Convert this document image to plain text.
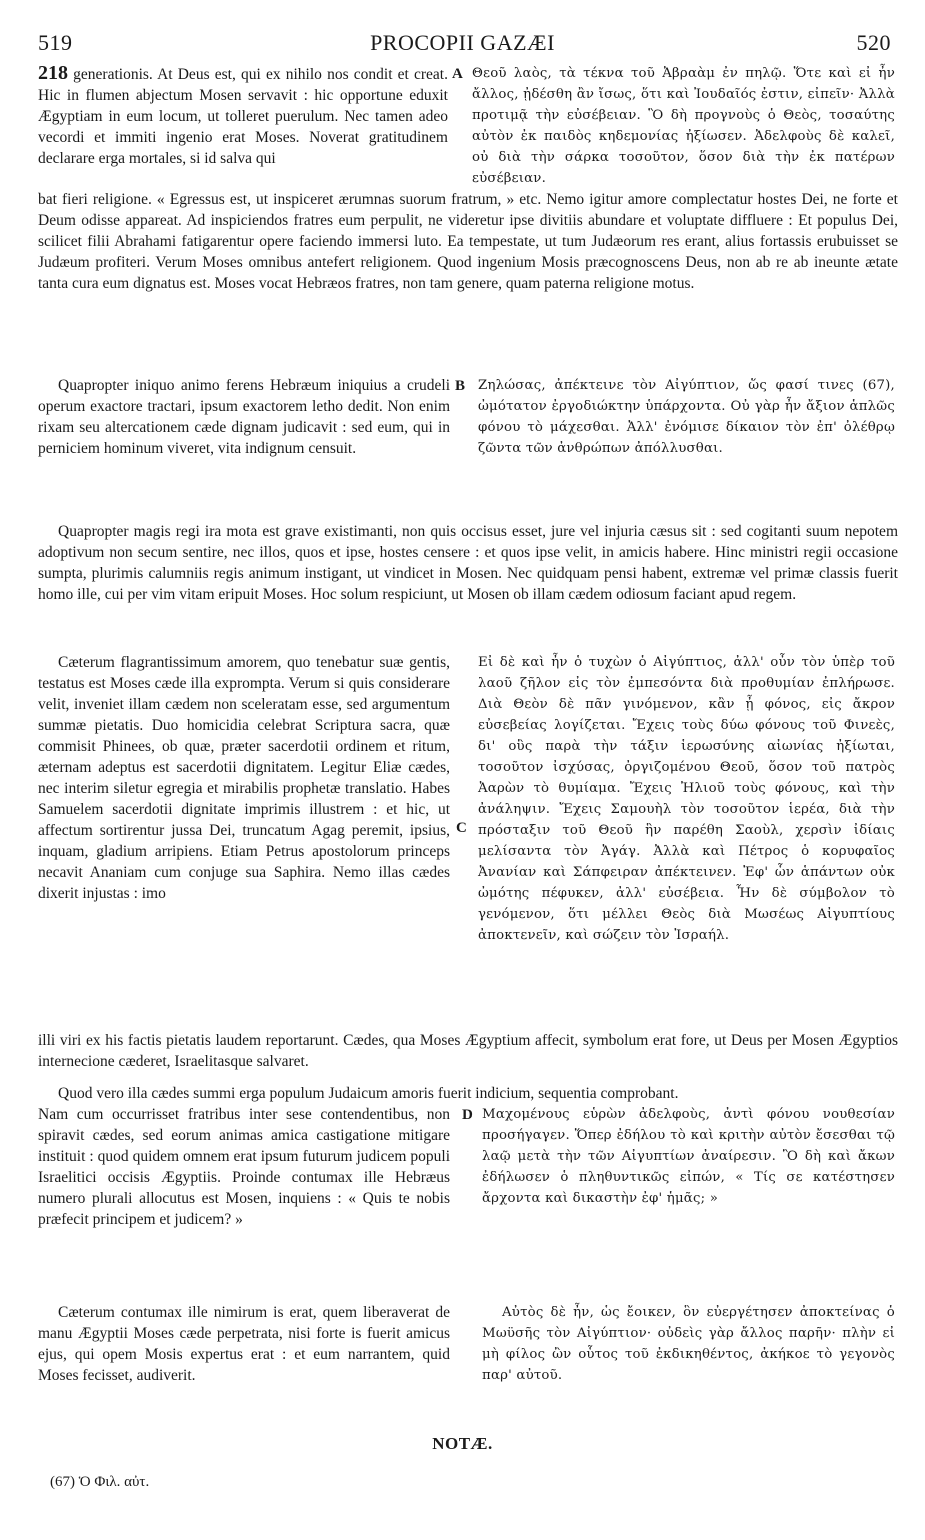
519	PROCOPII GAZÆI	520

218 generationis. At Deus est, qui ex nihilo nos condit et creat. Hic in flumen abjectum Mosen servavit : hic opportune eduxit Ægyptiam in eum locum, ut tolleret puerulum. Nec tamen adeo vecordi et immiti ingenio erat Moses. Noverat gratitudinem declarare erga mortales, si id salva qui

A Θεοῦ λαὸς, τὰ τέκνα τοῦ Ἀβραὰμ ἐν πηλῷ. Ὅτε καὶ εἰ ἦν ἄλλος, ᾐδέσθη ἂν ἴσως, ὅτι καὶ Ἰουδαῖός ἐστιν, εἰπεῖν· Ἀλλὰ προτιμᾷ τὴν εὐσέβειαν. Ὃ δὴ προγνοὺς ὁ Θεὸς, τοσαύτης αὐτὸν ἐκ παιδὸς κηδεμονίας ἠξίωσεν. Ἀδελφοὺς δὲ καλεῖ, οὐ διὰ τὴν σάρκα τοσοῦτον, ὅσον διὰ τὴν ἐκ πατέρων εὐσέβειαν.

Quapropter iniquo animo ferens Hebræum iniquius a crudeli operum exactore tractari, ipsum exactorem letho dedit. Non enim rixam seu altercationem cæde dignam judicavit : sed eum, qui in perniciem hominum viveret, vita indignum censuit.

B Ζηλώσας, ἀπέκτεινε τὸν Αἰγύπτιον, ὥς φασί τινες (67), ὠμότατον ἐργοδιώκτην ὑπάρχοντα. Οὐ γὰρ ἦν ἄξιον ἁπλῶς φόνου τὸ μάχεσθαι. Ἀλλ' ἐνόμισε δίκαιον τὸν ἐπ' ὀλέθρῳ ζῶντα τῶν ἀνθρώπων ἀπόλλυσθαι.

Quapropter magis regi ira mota est grave existimanti, non quis occisus esset, jure vel injuria cæsus sit : sed cogitanti suum nepotem adoptivum non secum sentire, nec illos, quos et ipse, hostes censere : et quos ipse velit, in amicis habere. Hinc ministri regii occasione sumpta, plurimis calumniis regis animum instigant, ut vindicet in Mosen. Nec quidquam pensi habent, extremæ vel primæ classis fuerit homo ille, cui per vim vitam eripuit Moses. Hoc solum respiciunt, ut Mosen ob illam cædem odiosum faciant apud regem.

Cæterum flagrantissimum amorem, quo tenebatur suæ gentis, testatus est Moses cæde illa exprompta. Verum si quis considerare velit, inveniet illam cædem non sceleratam esse, sed argumentum summæ pietatis. Duo homicidia celebrat Scriptura sacra, quæ commisit Phinees, ob quæ, præter sacerdotii ordinem et ritum, æternam adeptus est sacerdotii dignitatem. Legitur Eliæ cædes, nec interim siletur egregia et mirabilis prophetæ translatio. Habes Samuelem sacerdotii dignitate imprimis illustrem : et hic, ut affectum sortirentur jussa Dei, truncatum Agag peremit, ipsius, inquam, gladium arripiens. Etiam Petrus apostolorum princeps necavit Ananiam cum conjuge sua Saphira. Nemo illas cædes dixerit injustas : imo

C

Εἰ δὲ καὶ ἦν ὁ τυχὼν ὁ Αἰγύπτιος, ἀλλ' οὖν τὸν ὑπὲρ τοῦ λαοῦ ζῆλον εἰς τὸν ἐμπεσόντα διὰ προθυμίαν ἐπλήρωσε. Διὰ Θεὸν δὲ πᾶν γινόμενον, κἂν ᾖ φόνος, εἰς ἄκρον εὐσεβείας λογίζεται. Ἔχεις τοὺς δύω φόνους τοῦ Φινεὲς, δι' οὓς παρὰ τὴν τάξιν ἱερωσύνης αἰωνίας ἠξίωται, τοσοῦτον ἰσχύσας, ὀργιζομένου Θεοῦ, ὅσον τοῦ πατρὸς Ἀαρὼν τὸ θυμίαμα. Ἔχεις Ἠλιοῦ τοὺς φόνους, καὶ τὴν ἀνάληψιν. Ἔχεις Σαμουὴλ τὸν τοσοῦτον ἱερέα, διὰ τὴν πρόσταξιν τοῦ Θεοῦ ἣν παρέθη Σαοὺλ, χερσὶν ἰδίαις μελίσαντα τὸν Ἀγάγ. Ἀλλὰ καὶ Πέτρος ὁ κορυφαῖος Ἀνανίαν καὶ Σάπφειραν ἀπέκτεινεν. Ἐφ' ὧν ἁπάντων οὐκ ὠμότης πέφυκεν, ἀλλ' εὐσέβεια. Ἦν δὲ σύμβολον τὸ γενόμενον, ὅτι μέλλει Θεὸς διὰ Μωσέως Αἰγυπτίους ἀποκτενεῖν, καὶ σώζειν τὸν Ἰσραήλ.

illi viri ex his factis pietatis laudem reportarunt. Cædes, qua Moses Ægyptium affecit, symbolum erat fore, ut Deus per Mosen Ægyptios internecione cæderet, Israelitasque salvaret.

Quod vero illa cædes summi erga populum Judaicum amoris fuerit indicium, sequentia comprobant.

Nam cum occurrisset fratribus inter sese contendentibus, non spiravit cædes, sed eorum animas amica castigatione mitigare instituit : quod quidem omnem erat ipsum futurum judicem populi Israelitici occisis Ægyptiis. Proinde contumax ille Hebræus numero plurali allocutus est Mosen, inquiens : « Quis te nobis præfecit principem et judicem? »

D Μαχομένους εὑρὼν ἀδελφοὺς, ἀντὶ φόνου νουθεσίαν προσήγαγεν. Ὅπερ ἐδήλου τὸ καὶ κριτὴν αὐτὸν ἔσεσθαι τῷ λαῷ μετὰ τὴν τῶν Αἰγυπτίων ἀναίρεσιν. Ὃ δὴ καὶ ἄκων ἐδήλωσεν ὁ πληθυντικῶς εἰπών, « Τίς σε κατέστησεν ἄρχοντα καὶ δικαστὴν ἐφ' ἡμᾶς; »

Cæterum contumax ille nimirum is erat, quem liberaverat de manu Ægyptii Moses cæde perpetrata, nisi forte is fuerit amicus ejus, qui opem Mosis expertus erat : et eum narrantem, quid Moses fecisset, audiverit.

Αὐτὸς δὲ ἦν, ὡς ἔοικεν, ὃν εὐεργέτησεν ἀποκτείνας ὁ Μωϋσῆς τὸν Αἰγύπτιον· οὐδεὶς γὰρ ἄλλος παρῆν· πλὴν εἰ μὴ φίλος ὢν οὗτος τοῦ ἐκδικηθέντος, ἀκήκοε τὸ γεγονὸς παρ' αὐτοῦ.

NOTÆ.
(67) Ὁ Φιλ. αὐτ.

bat fieri religione. « Egressus est, ut inspiceret ærumnas suorum fratrum, » etc. Nemo igitur amore complectatur hostes Dei, ne forte et Deum odisse appareat. Ad inspiciendos fratres eum perpulit, ne videretur ipse divitiis abundare et voluptate diffluere : Et populus Dei, scilicet filii Abrahami fatigarentur opere faciendo immersi luto. Ea tempestate, ut tum Judæorum res erant, alius fortassis erubuisset se Judæum profiteri. Verum Moses omnibus antefert religionem. Quod ingenium Mosis præcognoscens Deus, non ab re ab ineunte ætate tanta cura eum dignatus est. Moses vocat Hebræos fratres, non tam genere, quam paterna religione motus.
